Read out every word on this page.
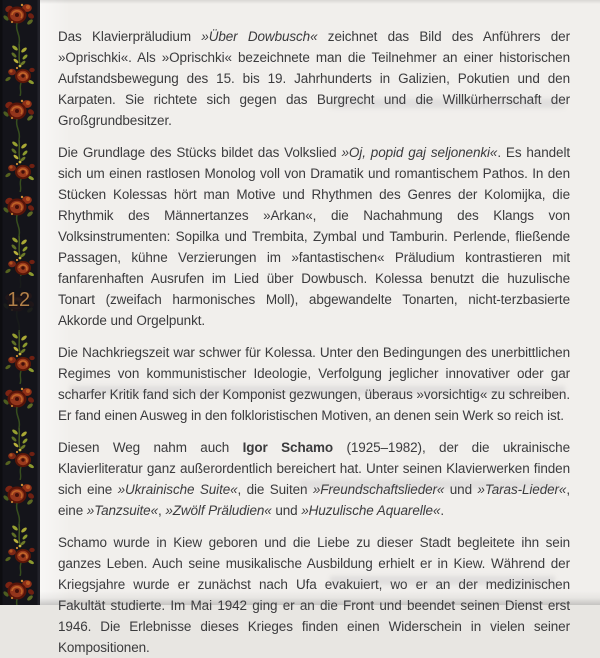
12

Das Klavierpräludium »Über Dowbusch« zeichnet das Bild des Anführers der »Oprischki«. Als »Oprischki« bezeichnete man die Teilnehmer an einer historischen Aufstandsbewegung des 15. bis 19. Jahrhunderts in Galizien, Pokutien und den Karpaten. Sie richtete sich gegen das Burgrecht und die Willkürherrschaft der Großgrundbesitzer.

Die Grundlage des Stücks bildet das Volkslied »Oj, popid gaj seljonenki«. Es handelt sich um einen rastlosen Monolog voll von Dramatik und romantischem Pathos. In den Stücken Kolessas hört man Motive und Rhythmen des Genres der Kolomijka, die Rhythmik des Männertanzes »Arkan«, die Nachahmung des Klangs von Volksinstrumenten: Sopilka und Trembita, Zymbal und Tamburin. Perlende, fließende Passagen, kühne Verzierungen im »fantastischen« Präludium kontrastieren mit fanfarenhaften Ausrufen im Lied über Dowbusch. Kolessa benutzt die huzulische Tonart (zweifach harmonisches Moll), abgewandelte Tonarten, nicht-terzbasierte Akkorde und Orgelpunkt.

Die Nachkriegszeit war schwer für Kolessa. Unter den Bedingungen des unerbittlichen Regimes von kommunistischer Ideologie, Verfolgung jeglicher innovativer oder gar scharfer Kritik fand sich der Komponist gezwungen, überaus »vorsichtig« zu schreiben. Er fand einen Ausweg in den folkloristischen Motiven, an denen sein Werk so reich ist.

Diesen Weg nahm auch Igor Schamo (1925–1982), der die ukrainische Klavierliteratur ganz außerordentlich bereichert hat. Unter seinen Klavierwerken finden sich eine »Ukrainische Suite«, die Suiten »Freundschaftslieder« und »Taras-Lieder«, eine »Tanzsuite«, »Zwölf Präludien« und »Huzulische Aquarelle«.

Schamo wurde in Kiew geboren und die Liebe zu dieser Stadt begleitete ihn sein ganzes Leben. Auch seine musikalische Ausbildung erhielt er in Kiew. Während der Kriegsjahre wurde er zunächst nach Ufa evakuiert, wo er an der medizinischen Fakultät studierte. Im Mai 1942 ging er an die Front und beendet seinen Dienst erst 1946. Die Erlebnisse dieses Krieges finden einen Widerschein in vielen seiner Kompositionen.
